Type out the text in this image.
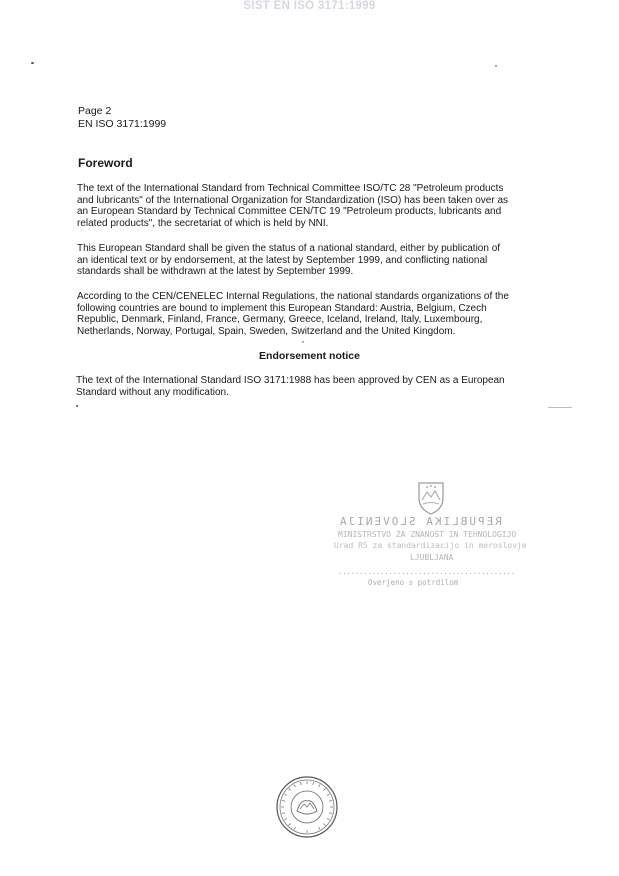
SIST EN ISO 3171:1999
Page 2
EN ISO 3171:1999
Foreword
The text of the International Standard from Technical Committee ISO/TC 28 "Petroleum products
and lubricants" of the International Organization for Standardization (ISO) has been taken over as
an European Standard by Technical Committee CEN/TC 19 "Petroleum products, lubricants and
related products", the secretariat of which is held by NNI.
This European Standard shall be given the status of a national standard, either by publication of
an identical text or by endorsement, at the latest by September 1999, and conflicting national
standards shall be withdrawn at the latest by September 1999.
According to the CEN/CENELEC Internal Regulations, the national standards organizations of the
following countries are bound to implement this European Standard: Austria, Belgium, Czech
Republic, Denmark, Finland, France, Germany, Greece, Iceland, Ireland, Italy, Luxembourg,
Netherlands, Norway, Portugal, Spain, Sweden, Switzerland and the United Kingdom.
Endorsement notice
The text of the International Standard ISO 3171:1988 has been approved by CEN as a European
Standard without any modification.
REPUBLIKA SLOVENIJA
MINISTRSTVO ZA ZNANOST IN TEHNOLOGIJO
Urad RS za standardizacijo in meroslovje
LJUBLJANA
..........................................
Overjeno s potrdilom
